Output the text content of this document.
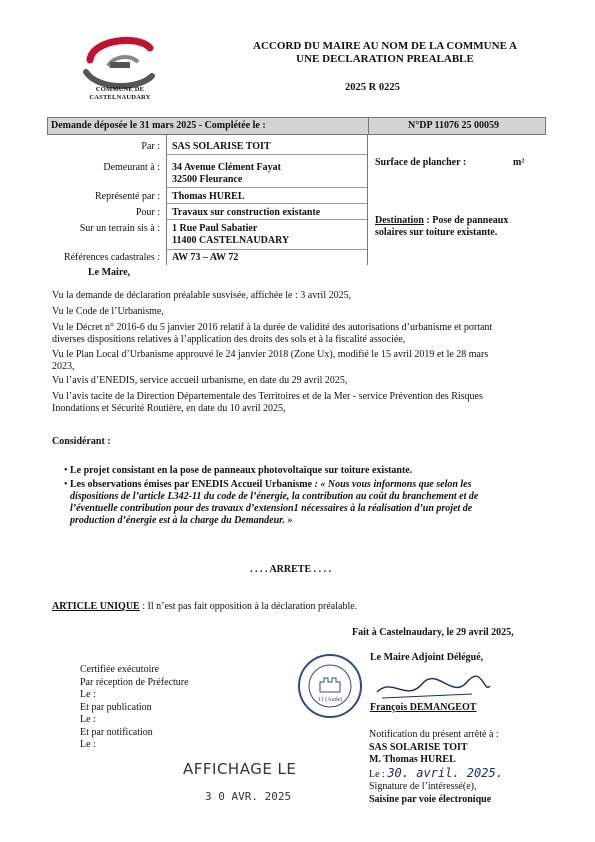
COMMUNE DE
CASTELNAUDARY
ACCORD DU MAIRE AU NOM DE LA COMMUNE A
UNE DECLARATION PREALABLE
2025 R 0225
Demande déposée le 31 mars 2025 - Complétée le :	N°DP 11076 25 00059
Par : SAS SOLARISE TOIT
Demeurant à : 34 Avenue Clément Fayat
32500 Fleurance
Représenté par : Thomas HUREL
Pour : Travaux sur construction existante
Sur un terrain sis à : 1 Rue Paul Sabatier
11400 CASTELNAUDARY
Références cadastrales : AW 73 – AW 72
Surface de plancher :	m²
Destination : Pose de panneaux
solaires sur toiture existante.
Le Maire,
Vu la demande de déclaration préalable susvisée, affichée le : 3 avril 2025,
Vu le Code de l’Urbanisme,
Vu le Décret n° 2016-6 du 5 janvier 2016 relatif à la durée de validité des autorisations d’urbanisme et portant
diverses dispositions relatives à l’application des droits des sols et à la fiscalité associée,
Vu le Plan Local d’Urbanisme approuvé le 24 janvier 2018 (Zone Ux), modifié le 15 avril 2019 et le 28 mars
2023,
Vu l’avis d’ENEDIS, service accueil urbanisme, en date du 29 avril 2025,
Vu l’avis tacite de la Direction Départementale des Territoires et de la Mer - service Prévention des Risques
Inondations et Sécurité Routière, en date du 10 avril 2025,
Considérant :
• Le projet consistant en la pose de panneaux photovoltaïque sur toiture existante.
• Les observations émises par ENEDIS Accueil Urbanisme : « Nous vous informons que selon les
dispositions de l’article L342-11 du code de l’énergie, la contribution au coût du branchement et de
l’éventuelle contribution pour des travaux d’extension1 nécessaires à la réalisation d’un projet de
production d’énergie est à la charge du Demandeur. »
. . . . ARRETE . . . .
ARTICLE UNIQUE : Il n’est pas fait opposition à la déclaration préalable.
Fait à Castelnaudary, le 29 avril 2025,
Le Maire Adjoint Délégué,
11 (Aude)
François DEMANGEOT
Certifiée exécutoire
Par réception de Préfecture
Le :
Et par publication
Le :
Et par notification
Le :
Notification du présent arrêté à :
SAS SOLARISE TOIT
M. Thomas HUREL
Le : 30. avril. 2025.
Signature de l’intéressé(e),
Saisine par voie électronique
AFFICHAGE LE
3 0 AVR. 2025
